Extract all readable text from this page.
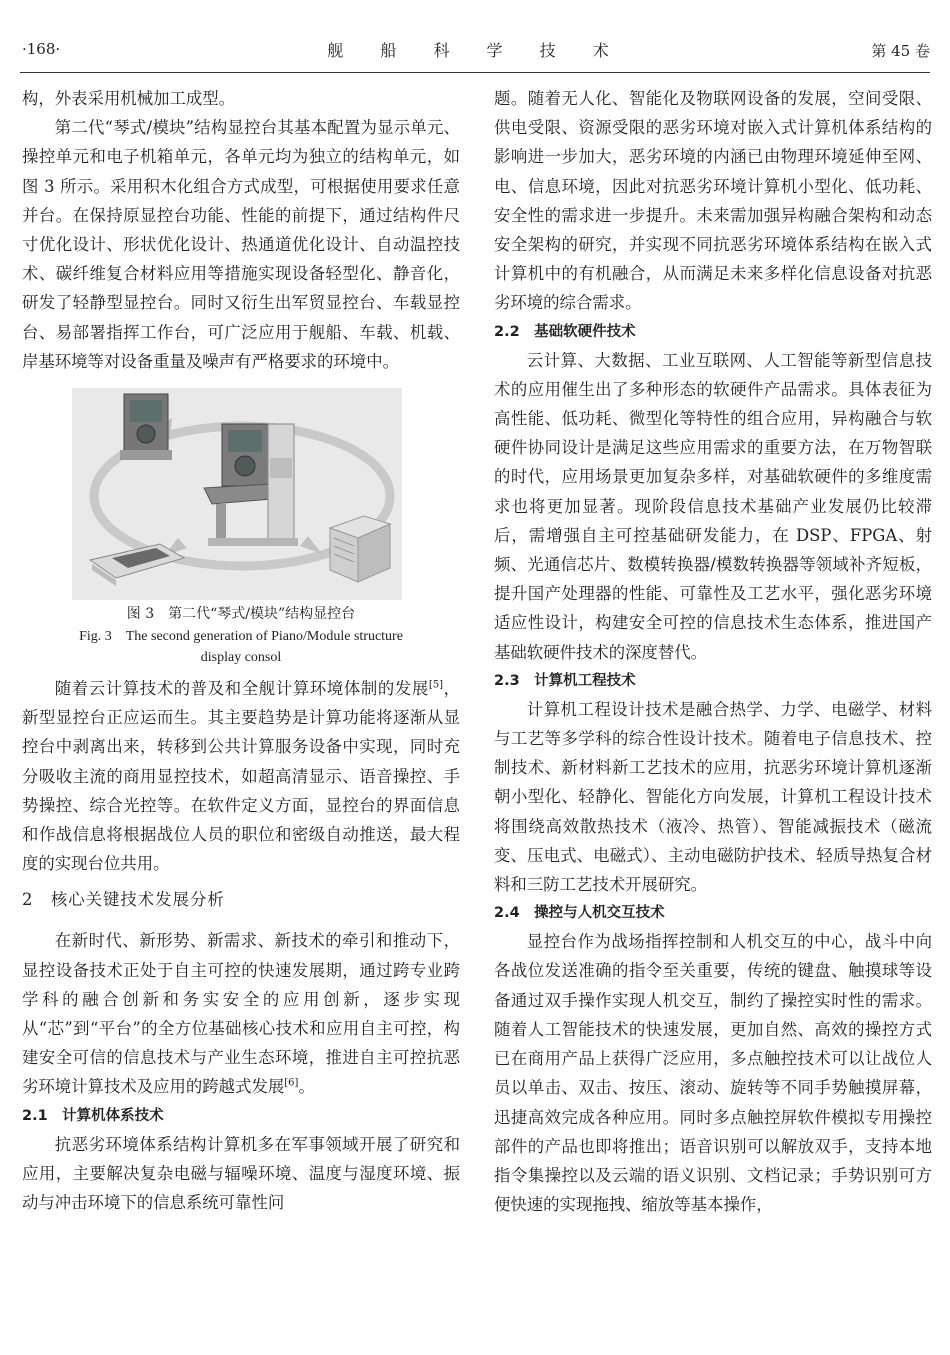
·168·	舰 船 科 学 技 术	第 45 卷

构，外表采用机械加工成型。

第二代“琴式/模块”结构显控台其基本配置为显示单元、操控单元和电子机箱单元，各单元均为独立的结构单元，如图 3 所示。采用积木化组合方式成型，可根据使用要求任意并台。在保持原显控台功能、性能的前提下，通过结构件尺寸优化设计、形状优化设计、热通道优化设计、自动温控技术、碳纤维复合材料应用等措施实现设备轻型化、静音化，研发了轻静型显控台。同时又衍生出军贸显控台、车载显控台、易部署指挥工作台，可广泛应用于舰船、车载、机载、岸基环境等对设备重量及噪声有严格要求的环境中。

图 3　第二代“琴式/模块”结构显控台

Fig. 3　The second generation of Piano/Module structure

display consol

随着云计算技术的普及和全舰计算环境体制的发展[5]，新型显控台正应运而生。其主要趋势是计算功能将逐渐从显控台中剥离出来，转移到公共计算服务设备中实现，同时充分吸收主流的商用显控技术，如超高清显示、语音操控、手势操控、综合光控等。在软件定义方面，显控台的界面信息和作战信息将根据战位人员的职位和密级自动推送，最大程度的实现台位共用。

2　核心关键技术发展分析

在新时代、新形势、新需求、新技术的牵引和推动下，显控设备技术正处于自主可控的快速发展期，通过跨专业跨学科的融合创新和务实安全的应用创新，逐步实现从“芯”到“平台”的全方位基础核心技术和应用自主可控，构建安全可信的信息技术与产业生态环境，推进自主可控抗恶劣环境计算技术及应用的跨越式发展[6]。

2.1　计算机体系技术

抗恶劣环境体系结构计算机多在军事领域开展了研究和应用，主要解决复杂电磁与辐噪环境、温度与湿度环境、振动与冲击环境下的信息系统可靠性问

题。随着无人化、智能化及物联网设备的发展，空间受限、供电受限、资源受限的恶劣环境对嵌入式计算机体系结构的影响进一步加大，恶劣环境的内涵已由物理环境延伸至网、电、信息环境，因此对抗恶劣环境计算机小型化、低功耗、安全性的需求进一步提升。未来需加强异构融合架构和动态安全架构的研究，并实现不同抗恶劣环境体系结构在嵌入式计算机中的有机融合，从而满足未来多样化信息设备对抗恶劣环境的综合需求。

2.2　基础软硬件技术

云计算、大数据、工业互联网、人工智能等新型信息技术的应用催生出了多种形态的软硬件产品需求。具体表征为高性能、低功耗、微型化等特性的组合应用，异构融合与软硬件协同设计是满足这些应用需求的重要方法，在万物智联的时代，应用场景更加复杂多样，对基础软硬件的多维度需求也将更加显著。现阶段信息技术基础产业发展仍比较滞后，需增强自主可控基础研发能力，在 DSP、FPGA、射频、光通信芯片、数模转换器/模数转换器等领域补齐短板，提升国产处理器的性能、可靠性及工艺水平，强化恶劣环境适应性设计，构建安全可控的信息技术生态体系，推进国产基础软硬件技术的深度替代。

2.3　计算机工程技术

计算机工程设计技术是融合热学、力学、电磁学、材料与工艺等多学科的综合性设计技术。随着电子信息技术、控制技术、新材料新工艺技术的应用，抗恶劣环境计算机逐渐朝小型化、轻静化、智能化方向发展，计算机工程设计技术将围绕高效散热技术（液冷、热管）、智能减振技术（磁流变、压电式、电磁式）、主动电磁防护技术、轻质导热复合材料和三防工艺技术开展研究。

2.4　操控与人机交互技术

显控台作为战场指挥控制和人机交互的中心，战斗中向各战位发送准确的指令至关重要，传统的键盘、触摸球等设备通过双手操作实现人机交互，制约了操控实时性的需求。随着人工智能技术的快速发展，更加自然、高效的操控方式已在商用产品上获得广泛应用，多点触控技术可以让战位人员以单击、双击、按压、滚动、旋转等不同手势触摸屏幕，迅捷高效完成各种应用。同时多点触控屏软件模拟专用操控部件的产品也即将推出；语音识别可以解放双手，支持本地指令集操控以及云端的语义识别、文档记录；手势识别可方便快速的实现拖拽、缩放等基本操作，
